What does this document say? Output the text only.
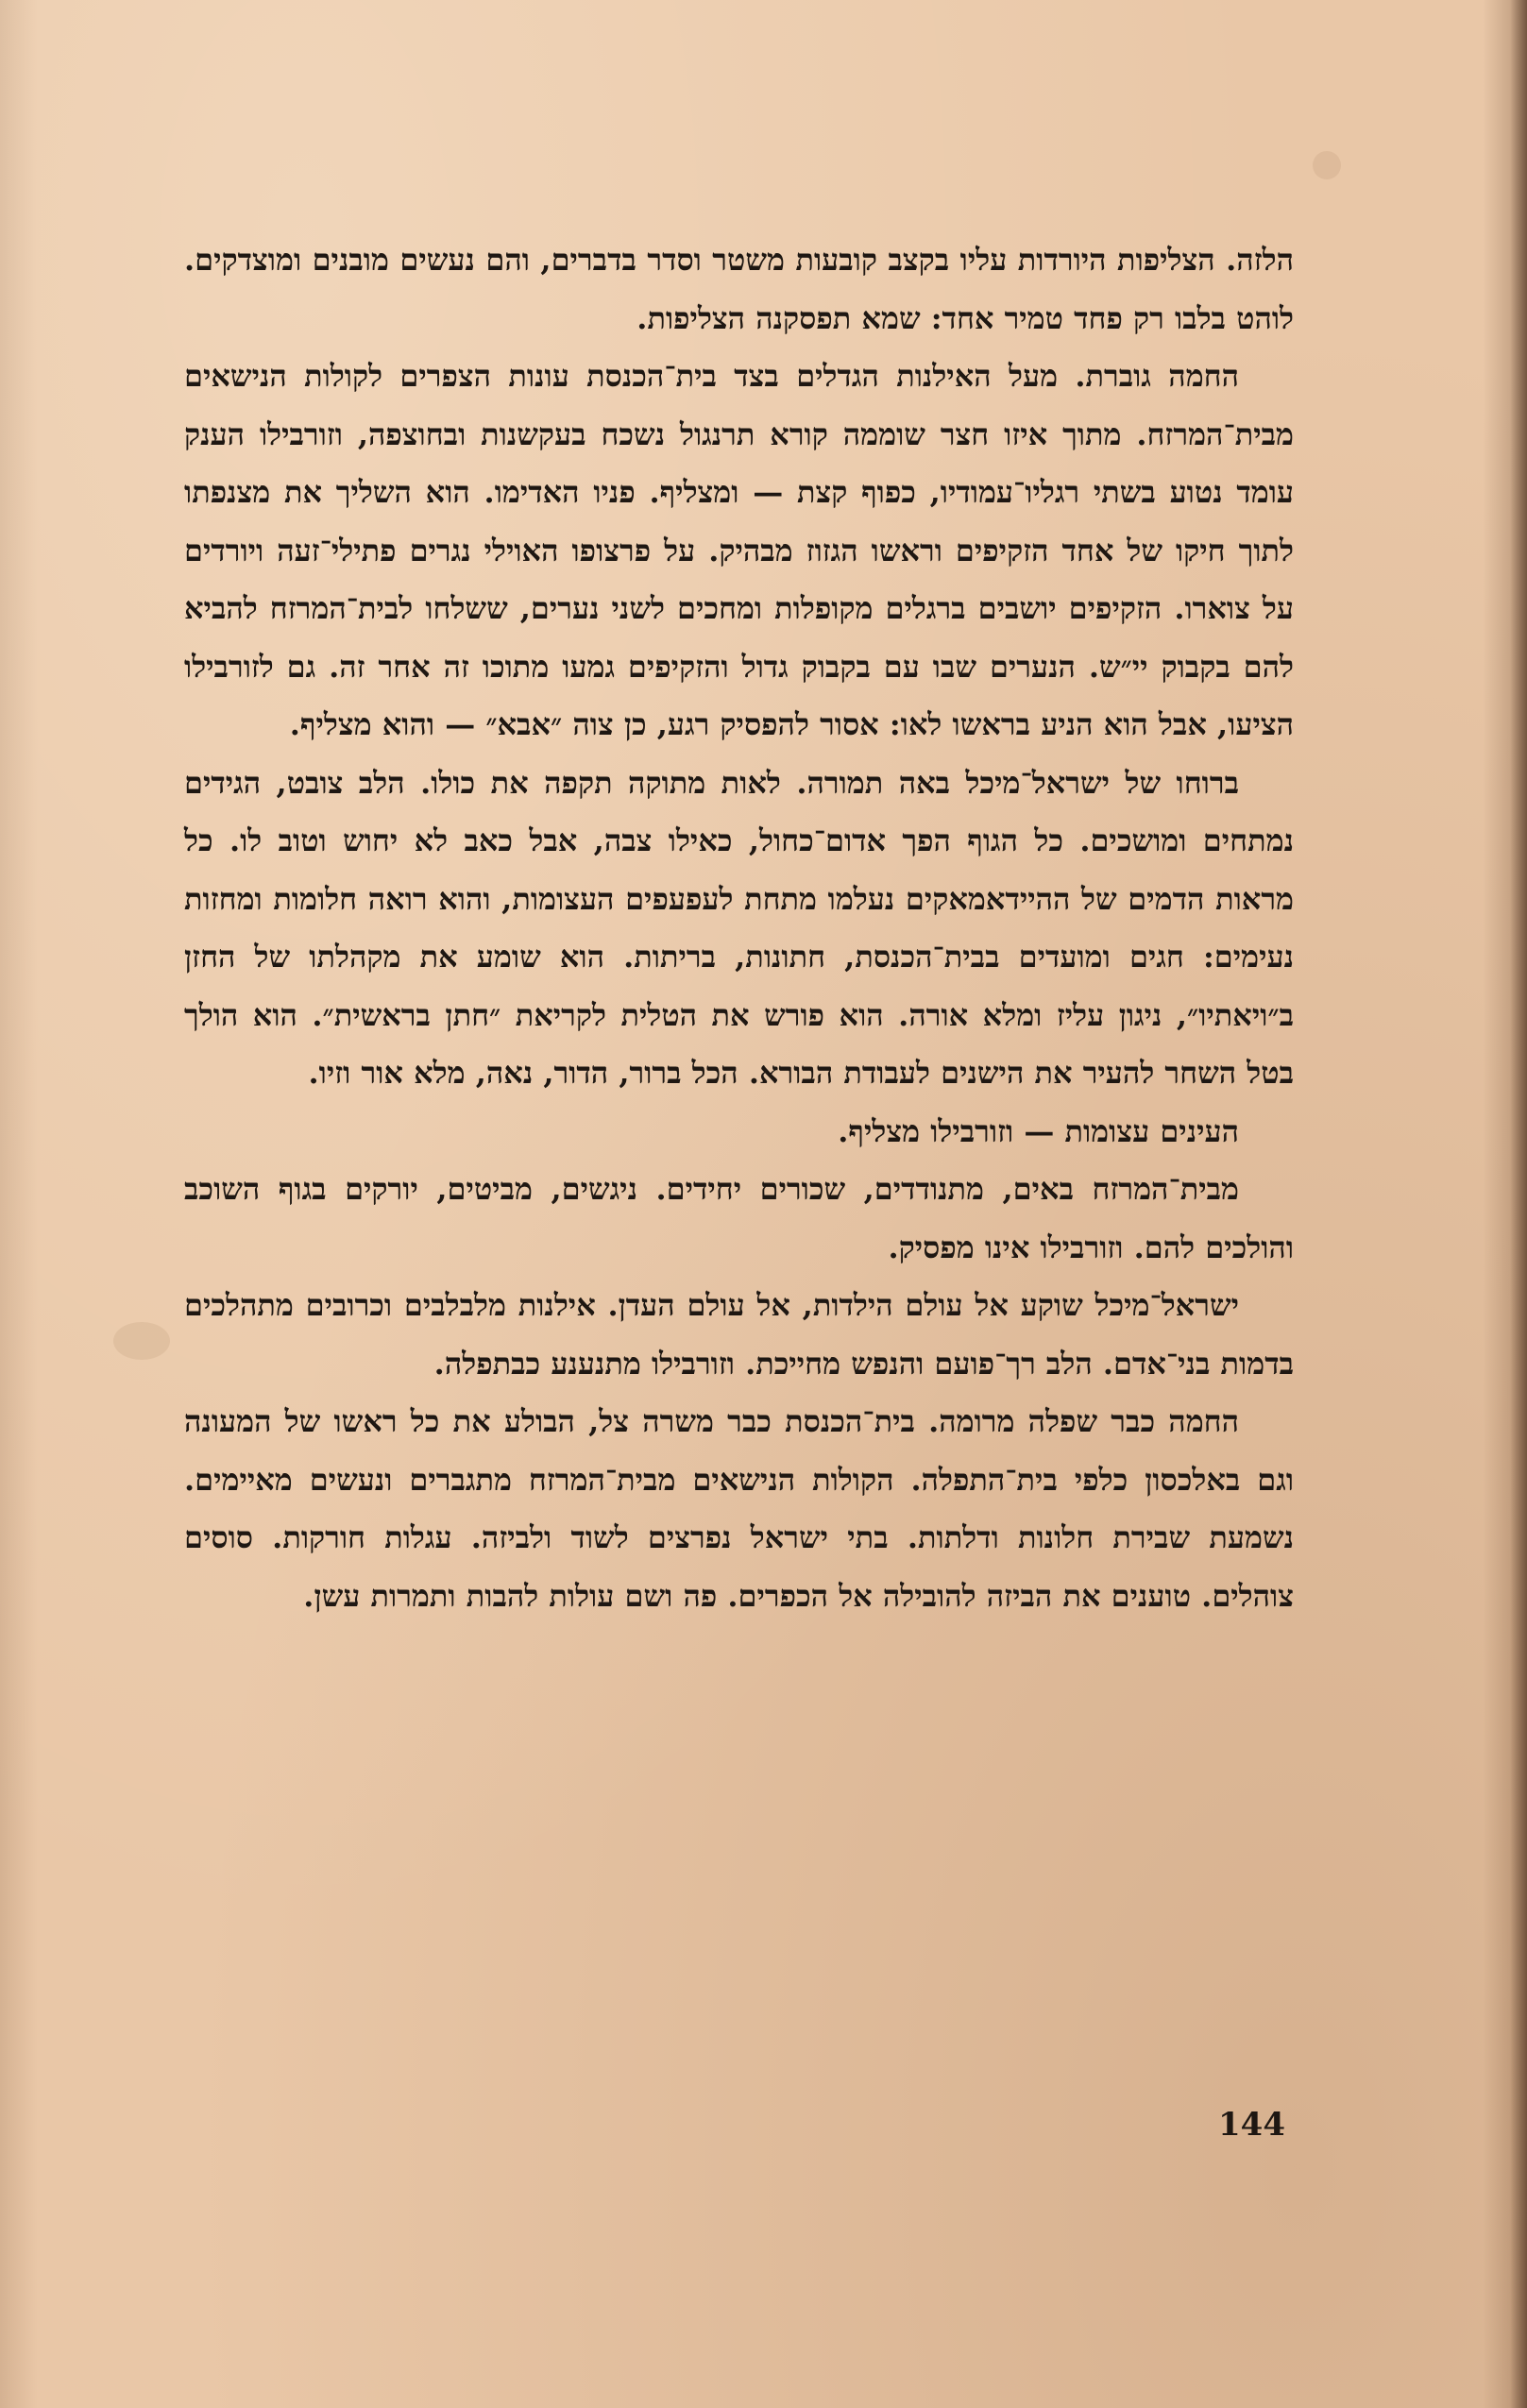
הלזה. הצליפות היורדות עליו בקצב קובעות משטר וסדר בדברים, והם נעשים מובנים ומוצדקים. לוהט בלבו רק פחד טמיר אחד: שמא תפסקנה הצליפות.

החמה גוברת. מעל האילנות הגדלים בצד בית־הכנסת עונות הצפרים לקולות הנישאים מבית־המרזח. מתוך איזו חצר שוממה קורא תרנגול נשכח בעקשנות ובחוצפה, וזורבילו הענק עומד נטוע בשתי רגליו־עמודיו, כפוף קצת — ומצליף. פניו האדימו. הוא השליך את מצנפתו לתוך חיקו של אחד הזקיפים וראשו הגזוז מבהיק. על פרצופו האוילי נגרים פתילי־זעה ויורדים על צוארו. הזקיפים יושבים ברגלים מקופלות ומחכים לשני נערים, ששלחו לבית־המרזח להביא להם בקבוק יי״ש. הנערים שבו עם בקבוק גדול והזקיפים גמעו מתוכו זה אחר זה. גם לזורבילו הציעו, אבל הוא הניע בראשו לאו: אסור להפסיק רגע, כן צוה ״אבא״ — והוא מצליף.

ברוחו של ישראל־מיכל באה תמורה. לאות מתוקה תקפה את כולו. הלב צובט, הגידים נמתחים ומושכים. כל הגוף הפך אדום־כחול, כאילו צבה, אבל כאב לא יחוש וטוב לו. כל מראות הדמים של ההיידאמאקים נעלמו מתחת לעפעפים העצומות, והוא רואה חלומות ומחזות נעימים: חגים ומועדים בבית־הכנסת, חתונות, בריתות. הוא שומע את מקהלתו של החזן ב״ויאתיו״, ניגון עליז ומלא אורה. הוא פורש את הטלית לקריאת ״חתן בראשית״. הוא הולך בטל השחר להעיר את הישנים לעבודת הבורא. הכל ברור, הדור, נאה, מלא אור וזיו.

העינים עצומות — וזורבילו מצליף.

מבית־המרזח באים, מתנודדים, שכורים יחידים. ניגשים, מביטים, יורקים בגוף השוכב והולכים להם. וזורבילו אינו מפסיק.

ישראל־מיכל שוקע אל עולם הילדות, אל עולם העדן. אילנות מלבלבים וכרובים מתהלכים בדמות בני־אדם. הלב רך־פועם והנפש מחייכת. וזורבילו מתנענע כבתפלה.

החמה כבר שפלה מרומה. בית־הכנסת כבר משרה צל, הבולע את כל ראשו של המעונה וגם באלכסון כלפי בית־התפלה. הקולות הנישאים מבית־המרזח מתגברים ונעשים מאיימים. נשמעת שבירת חלונות ודלתות. בתי ישראל נפרצים לשוד ולביזה. עגלות חורקות. סוסים צוהלים. טוענים את הביזה להובילה אל הכפרים. פה ושם עולות להבות ותמרות עשן.

144
